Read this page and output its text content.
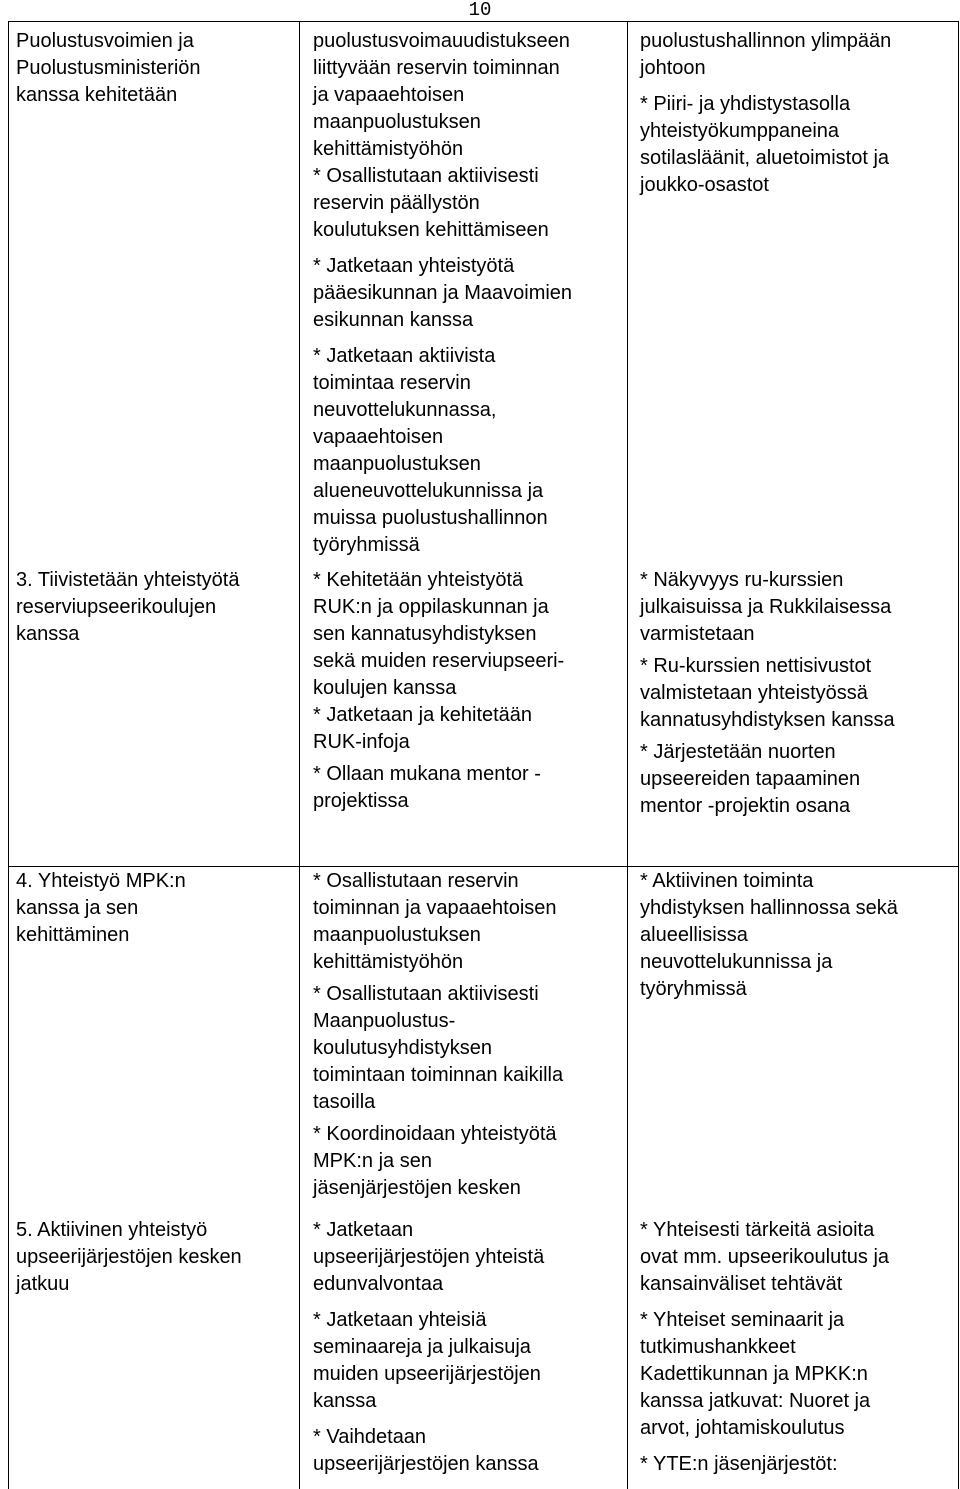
10

Puolustusvoimien ja
Puolustusministeriön
kanssa kehitetään

puolustusvoimauudistukseen
liittyvään reservin toiminnan
ja vapaaehtoisen
maanpuolustuksen
kehittämistyöhön
* Osallistutaan aktiivisesti
reservin päällystön
koulutuksen kehittämiseen

* Jatketaan yhteistyötä
pääesikunnan ja Maavoimien
esikunnan kanssa

* Jatketaan aktiivista
toimintaa reservin
neuvottelukunnassa,
vapaaehtoisen
maanpuolustuksen
alueneuvottelukunnissa ja
muissa puolustushallinnon
työryhmissä

puolustushallinnon ylimpään
johtoon

* Piiri- ja yhdistystasolla
yhteistyökumppaneina
sotilasläänit, aluetoimistot ja
joukko-osastot

3. Tiivistetään yhteistyötä
reserviupseerikoulujen
kanssa

* Kehitetään yhteistyötä
RUK:n ja oppilaskunnan ja
sen kannatusyhdistyksen
sekä muiden reserviupseeri-
koulujen kanssa
* Jatketaan ja kehitetään
RUK-infoja

* Ollaan mukana mentor -
projektissa

* Näkyvyys ru-kurssien
julkaisuissa ja Rukkilaisessa
varmistetaan

* Ru-kurssien nettisivustot
valmistetaan yhteistyössä
kannatusyhdistyksen kanssa

* Järjestetään nuorten
upseereiden tapaaminen
mentor -projektin osana

4. Yhteistyö MPK:n
kanssa ja sen
kehittäminen

* Osallistutaan reservin
toiminnan ja vapaaehtoisen
maanpuolustuksen
kehittämistyöhön

* Osallistutaan aktiivisesti
Maanpuolustus-
koulutusyhdistyksen
toimintaan toiminnan kaikilla
tasoilla

* Koordinoidaan yhteistyötä
MPK:n ja sen
jäsenjärjestöjen kesken

* Aktiivinen toiminta
yhdistyksen hallinnossa sekä
alueellisissa
neuvottelukunnissa ja
työryhmissä

5. Aktiivinen yhteistyö
upseerijärjestöjen kesken
jatkuu

* Jatketaan
upseerijärjestöjen yhteistä
edunvalvontaa

* Jatketaan yhteisiä
seminaareja ja julkaisuja
muiden upseerijärjestöjen
kanssa

* Vaihdetaan
upseerijärjestöjen kanssa

* Yhteisesti tärkeitä asioita
ovat mm. upseerikoulutus ja
kansainväliset tehtävät

* Yhteiset seminaarit ja
tutkimushankkeet
Kadettikunnan ja MPKK:n
kanssa jatkuvat: Nuoret ja
arvot, johtamiskoulutus

* YTE:n jäsenjärjestöt:
